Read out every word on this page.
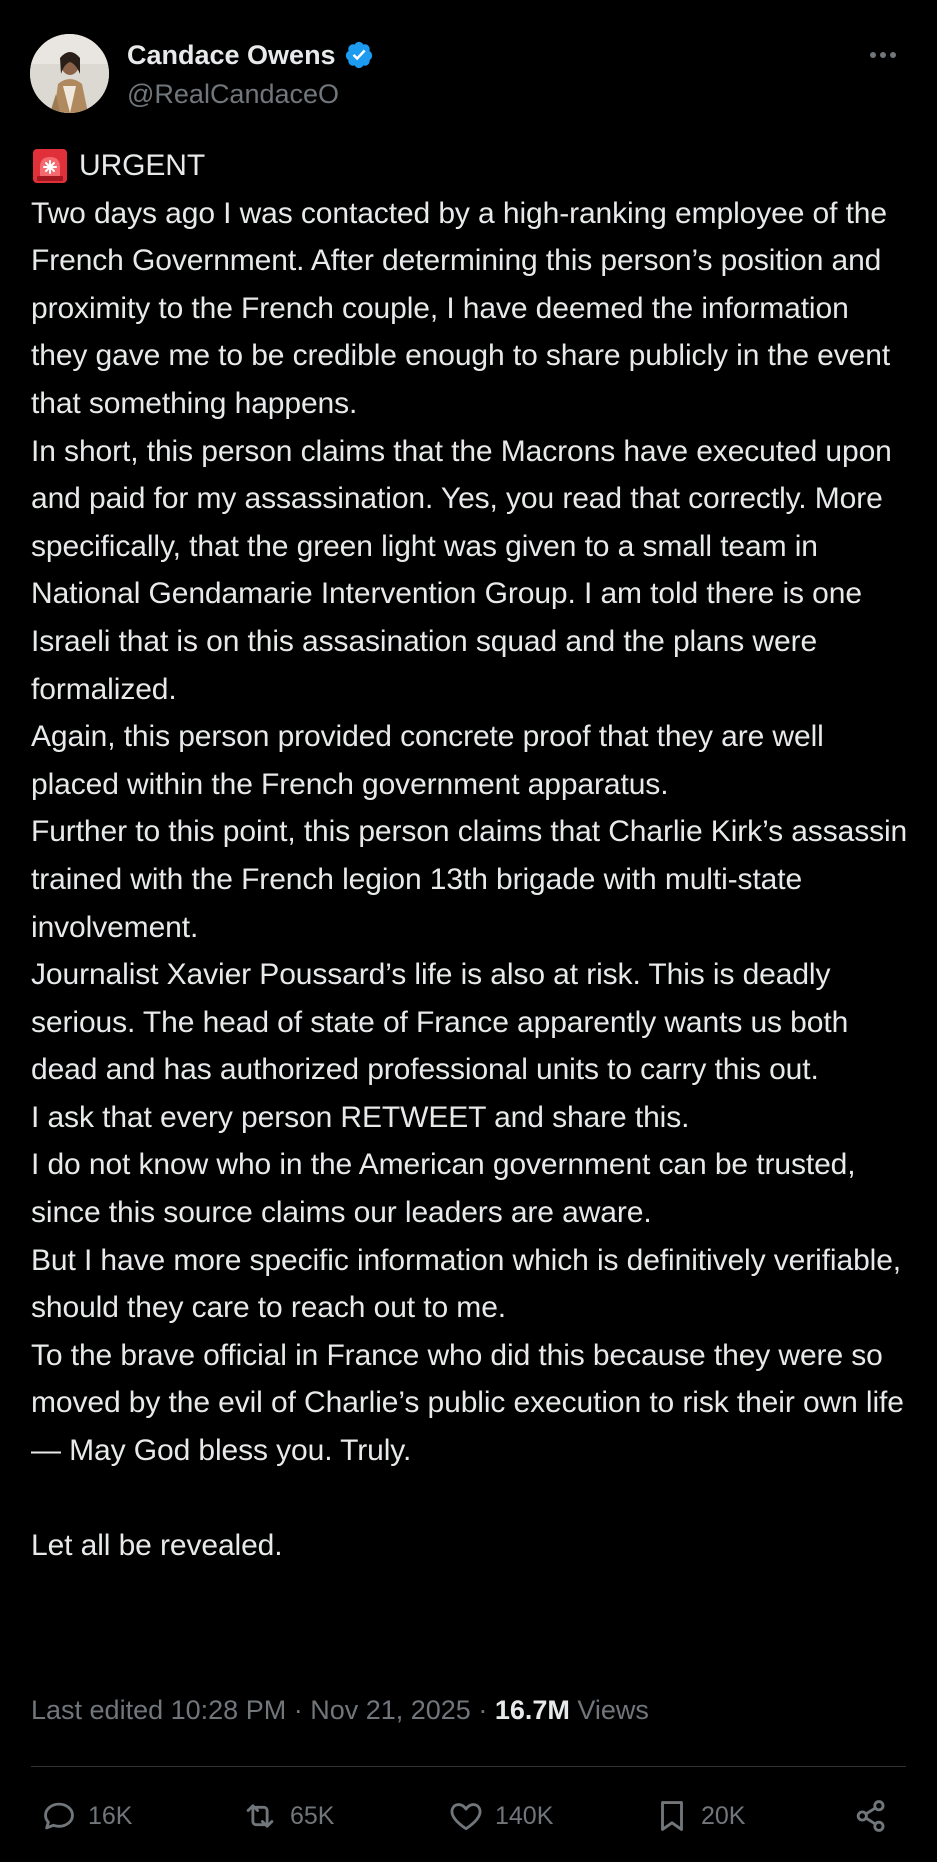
Candace Owens
@RealCandaceO

URGENT

Two days ago I was contacted by a high-ranking employee of the French Government. After determining this person’s position and proximity to the French couple, I have deemed the information they gave me to be credible enough to share publicly in the event that something happens.

In short, this person claims that the Macrons have executed upon and paid for my assassination. Yes, you read that correctly. More specifically, that the green light was given to a small team in National Gendamarie Intervention Group. I am told there is one Israeli that is on this assasination squad and the plans were formalized.

Again, this person provided concrete proof that they are well placed within the French government apparatus.

Further to this point, this person claims that Charlie Kirk’s assassin trained with the French legion 13th brigade with multi-state involvement.

Journalist Xavier Poussard’s life is also at risk. This is deadly serious. The head of state of France apparently wants us both dead and has authorized professional units to carry this out.

I ask that every person RETWEET and share this.

I do not know who in the American government can be trusted, since this source claims our leaders are aware.

But I have more specific information which is definitively verifiable, should they care to reach out to me.

To the brave official in France who did this because they were so moved by the evil of Charlie’s public execution to risk their own life— May God bless you. Truly.

Let all be revealed.

Last edited 10:28 PM · Nov 21, 2025 · 16.7M Views
16K	65K	140K	20K
